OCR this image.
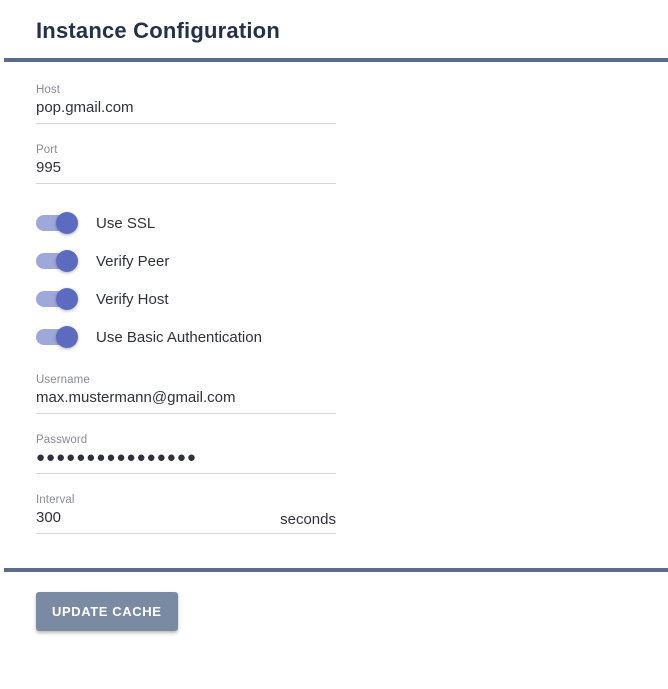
Instance Configuration
Host
pop.gmail.com
Port
995
Use SSL
Verify Peer
Verify Host
Use Basic Authentication
Username
max.mustermann@gmail.com
Password
●●●●●●●●●●●●●●●●
Interval
300
seconds
UPDATE CACHE
